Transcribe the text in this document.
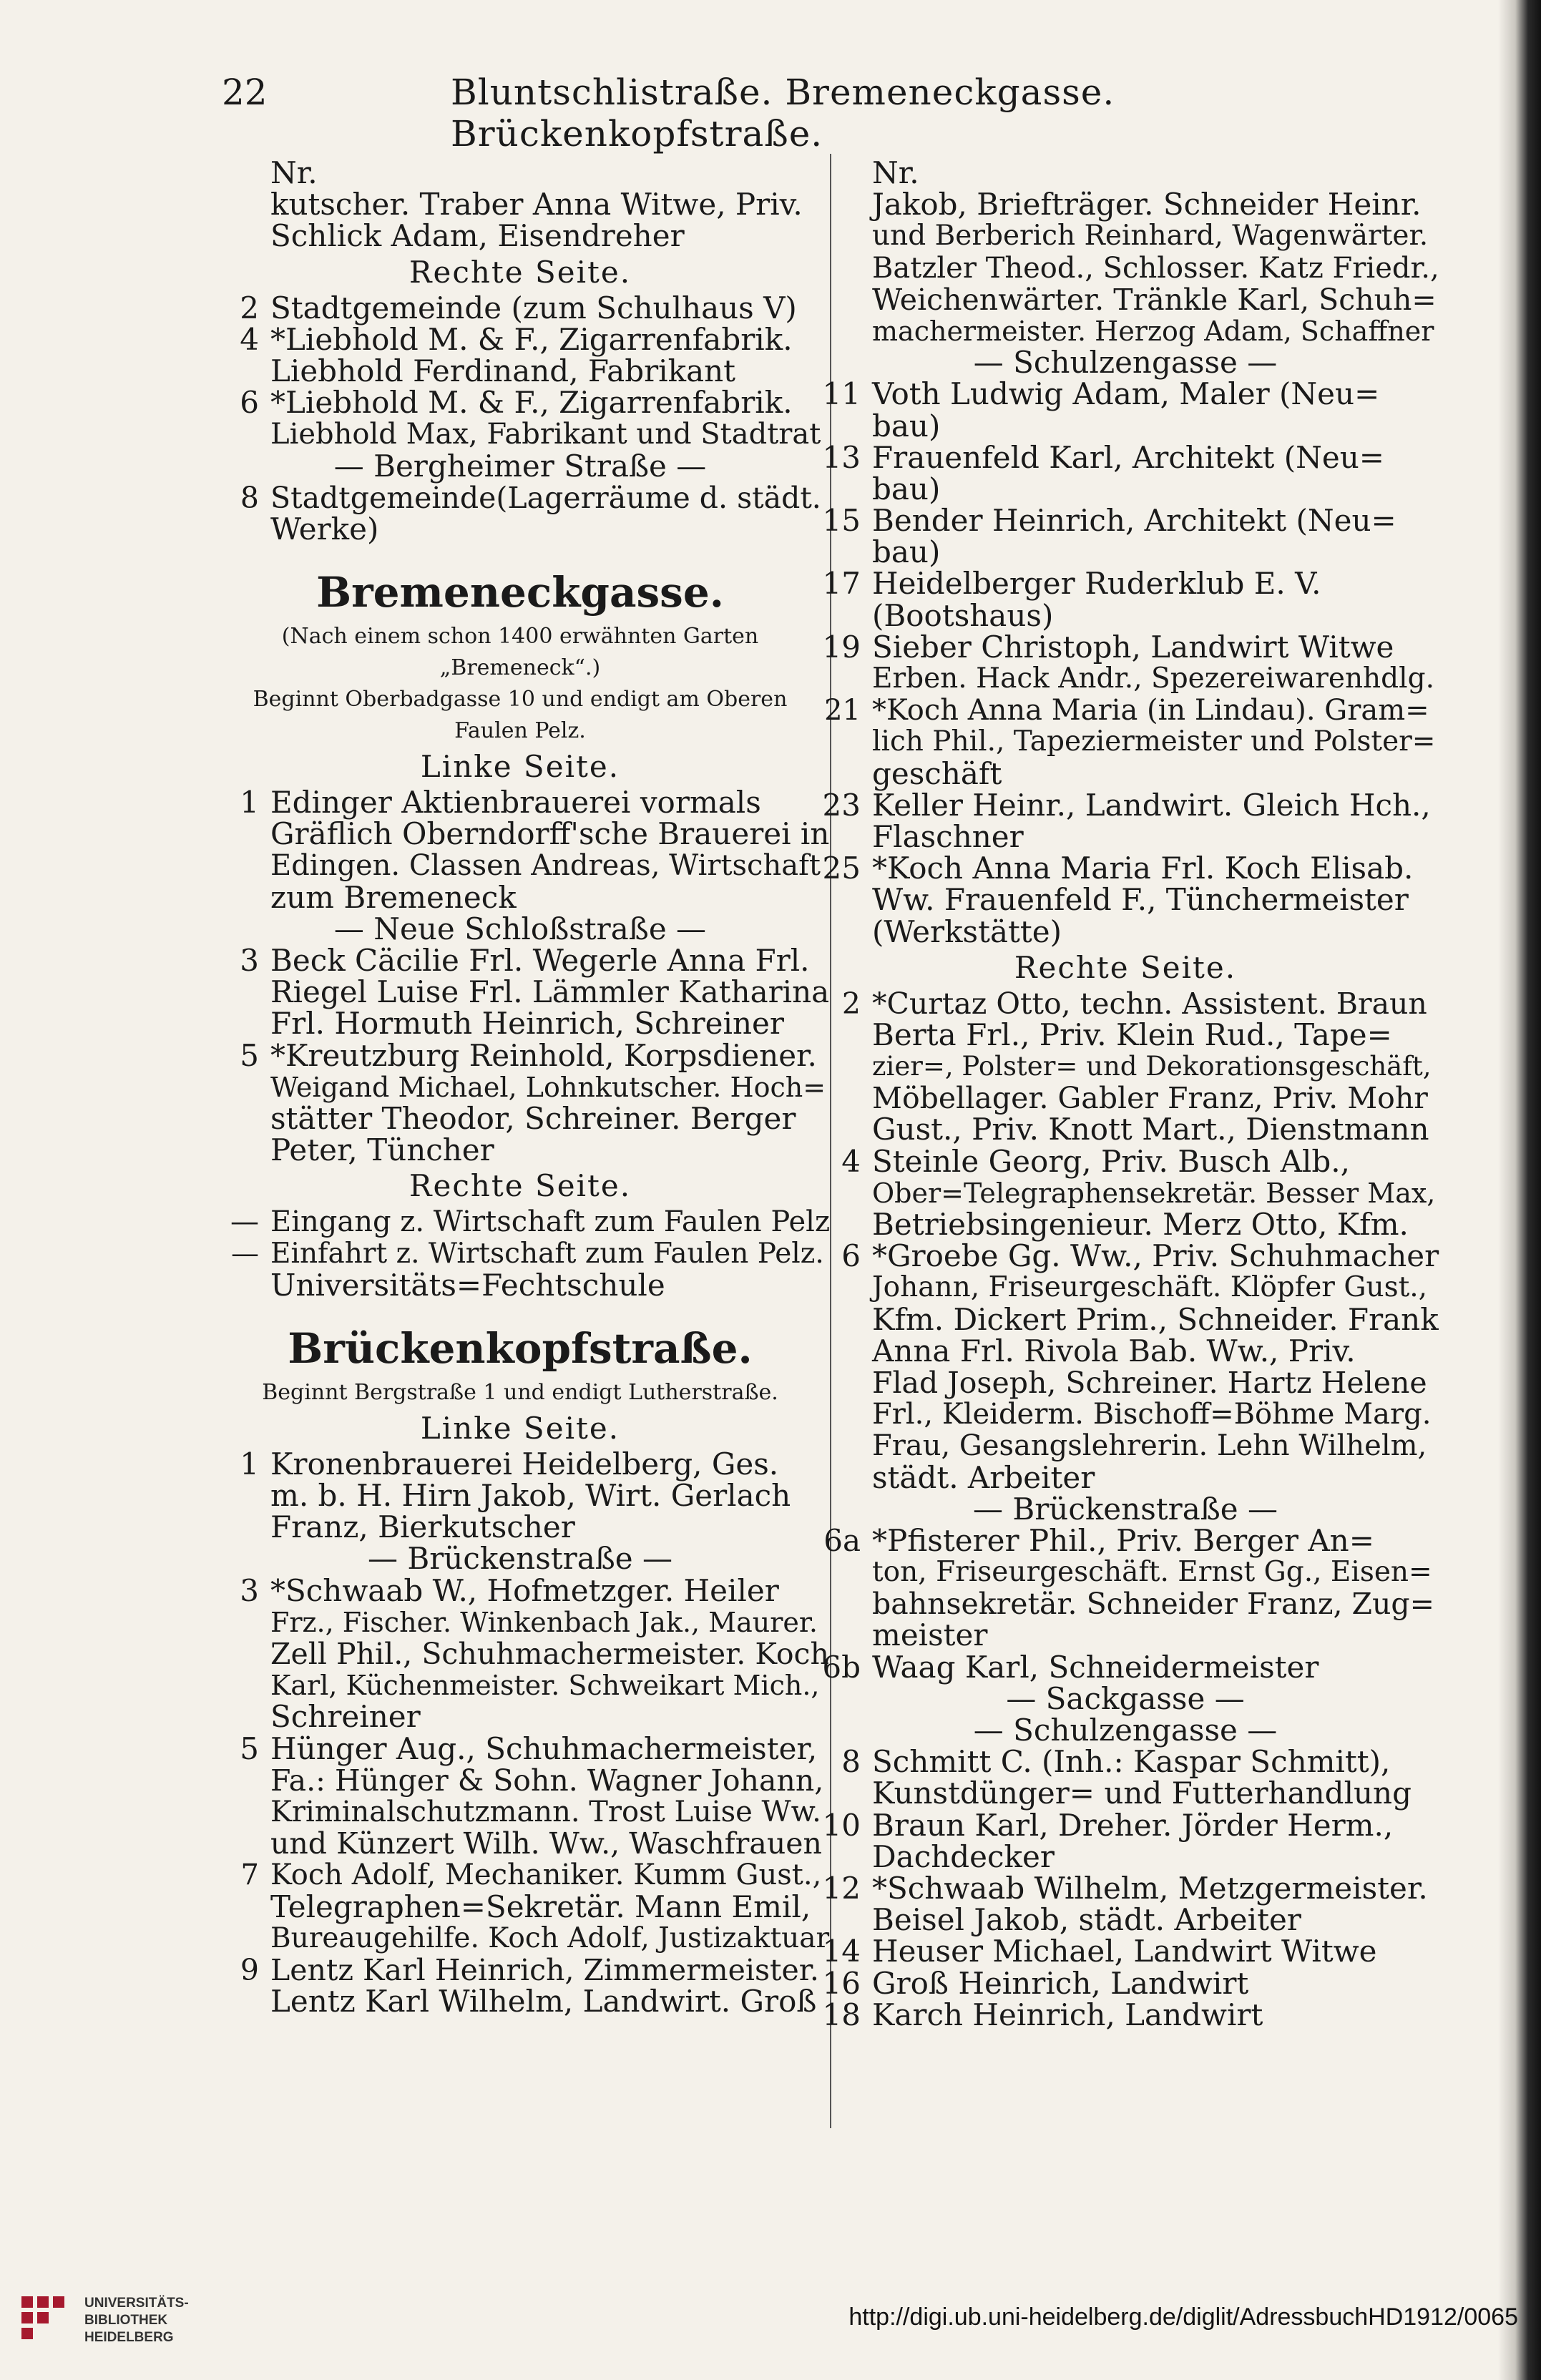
22	Bluntschlistraße. Bremeneckgasse. Brückenkopfstraße.
Nr.
kutscher. Traber Anna Witwe, Priv.
Schlick Adam, Eisendreher
Rechte Seite.
2 Stadtgemeinde (zum Schulhaus V)
4 *Liebhold M. & F., Zigarrenfabrik.
Liebhold Ferdinand, Fabrikant
6 *Liebhold M. & F., Zigarrenfabrik.
Liebhold Max, Fabrikant und Stadtrat
— Bergheimer Straße —
8 Stadtgemeinde(Lagerräume d. städt.
Werke)
Bremeneckgasse.
(Nach einem schon 1400 erwähnten Garten
„Bremeneck“.)
Beginnt Oberbadgasse 10 und endigt am Oberen
Faulen Pelz.
Linke Seite.
1 Edinger Aktienbrauerei vormals
Gräflich Oberndorff'sche Brauerei in
Edingen. Classen Andreas, Wirtschaft
zum Bremeneck
— Neue Schloßstraße —
3 Beck Cäcilie Frl. Wegerle Anna Frl.
Riegel Luise Frl. Lämmler Katharina
Frl. Hormuth Heinrich, Schreiner
5 *Kreutzburg Reinhold, Korpsdiener.
Weigand Michael, Lohnkutscher. Hoch=
stätter Theodor, Schreiner. Berger
Peter, Tüncher
Rechte Seite.
— Eingang z. Wirtschaft zum Faulen Pelz
— Einfahrt z. Wirtschaft zum Faulen Pelz.
Universitäts=Fechtschule
Brückenkopfstraße.
Beginnt Bergstraße 1 und endigt Lutherstraße.
Linke Seite.
1 Kronenbrauerei Heidelberg, Ges.
m. b. H. Hirn Jakob, Wirt. Gerlach
Franz, Bierkutscher
— Brückenstraße —
3 *Schwaab W., Hofmetzger. Heiler
Frz., Fischer. Winkenbach Jak., Maurer.
Zell Phil., Schuhmachermeister. Koch
Karl, Küchenmeister. Schweikart Mich.,
Schreiner
5 Hünger Aug., Schuhmachermeister,
Fa.: Hünger & Sohn. Wagner Johann,
Kriminalschutzmann. Trost Luise Ww.
und Künzert Wilh. Ww., Waschfrauen
7 Koch Adolf, Mechaniker. Kumm Gust.,
Telegraphen=Sekretär. Mann Emil,
Bureaugehilfe. Koch Adolf, Justizaktuar
9 Lentz Karl Heinrich, Zimmermeister.
Lentz Karl Wilhelm, Landwirt. Groß
Nr.
Jakob, Briefträger. Schneider Heinr.
und Berberich Reinhard, Wagenwärter.
Batzler Theod., Schlosser. Katz Friedr.,
Weichenwärter. Tränkle Karl, Schuh=
machermeister. Herzog Adam, Schaffner
— Schulzengasse —
11 Voth Ludwig Adam, Maler (Neu=
bau)
13 Frauenfeld Karl, Architekt (Neu=
bau)
15 Bender Heinrich, Architekt (Neu=
bau)
17 Heidelberger Ruderklub E. V.
(Bootshaus)
19 Sieber Christoph, Landwirt Witwe
Erben. Hack Andr., Spezereiwarenhdlg.
21 *Koch Anna Maria (in Lindau). Gram=
lich Phil., Tapeziermeister und Polster=
geschäft
23 Keller Heinr., Landwirt. Gleich Hch.,
Flaschner
25 *Koch Anna Maria Frl. Koch Elisab.
Ww. Frauenfeld F., Tünchermeister
(Werkstätte)
Rechte Seite.
2 *Curtaz Otto, techn. Assistent. Braun
Berta Frl., Priv. Klein Rud., Tape=
zier=, Polster= und Dekorationsgeschäft,
Möbellager. Gabler Franz, Priv. Mohr
Gust., Priv. Knott Mart., Dienstmann
4 Steinle Georg, Priv. Busch Alb.,
Ober=Telegraphensekretär. Besser Max,
Betriebsingenieur. Merz Otto, Kfm.
6 *Groebe Gg. Ww., Priv. Schuhmacher
Johann, Friseurgeschäft. Klöpfer Gust.,
Kfm. Dickert Prim., Schneider. Frank
Anna Frl. Rivola Bab. Ww., Priv.
Flad Joseph, Schreiner. Hartz Helene
Frl., Kleiderm. Bischoff=Böhme Marg.
Frau, Gesangslehrerin. Lehn Wilhelm,
städt. Arbeiter
— Brückenstraße —
6a *Pfisterer Phil., Priv. Berger An=
ton, Friseurgeschäft. Ernst Gg., Eisen=
bahnsekretär. Schneider Franz, Zug=
meister
6b Waag Karl, Schneidermeister
— Sackgasse —
— Schulzengasse —
8 Schmitt C. (Inh.: Kaspar Schmitt),
Kunstdünger= und Futterhandlung
10 Braun Karl, Dreher. Jörder Herm.,
Dachdecker
12 *Schwaab Wilhelm, Metzgermeister.
Beisel Jakob, städt. Arbeiter
14 Heuser Michael, Landwirt Witwe
16 Groß Heinrich, Landwirt
18 Karch Heinrich, Landwirt
UNIVERSITÄTS-
BIBLIOTHEK
HEIDELBERG
http://digi.ub.uni-heidelberg.de/diglit/AdressbuchHD1912/0065
